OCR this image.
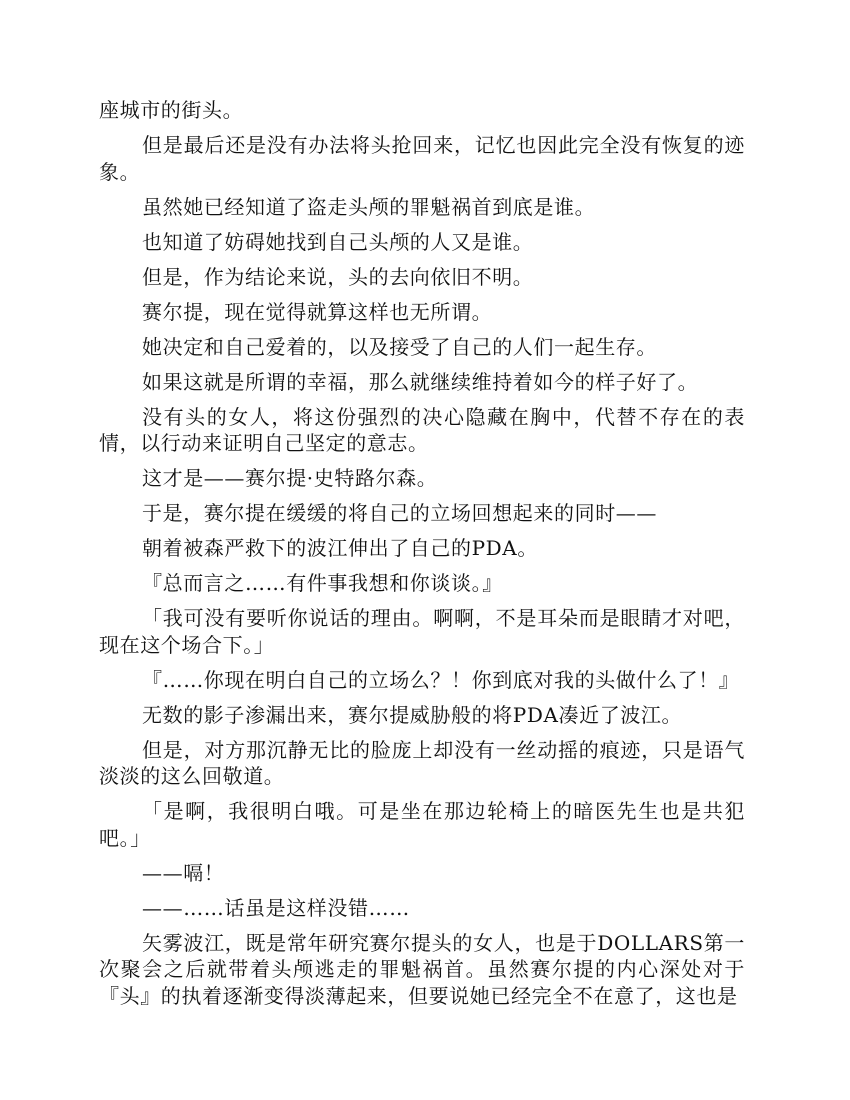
座城市的街头。

但是最后还是没有办法将头抢回来，记忆也因此完全没有恢复的迹象。

虽然她已经知道了盗走头颅的罪魁祸首到底是谁。

也知道了妨碍她找到自己头颅的人又是谁。

但是，作为结论来说，头的去向依旧不明。

赛尔提，现在觉得就算这样也无所谓。

她决定和自己爱着的，以及接受了自己的人们一起生存。

如果这就是所谓的幸福，那么就继续维持着如今的样子好了。

没有头的女人，将这份强烈的决心隐藏在胸中，代替不存在的表情，以行动来证明自己坚定的意志。

这才是——赛尔提·史特路尔森。

于是，赛尔提在缓缓的将自己的立场回想起来的同时——

朝着被森严救下的波江伸出了自己的PDA。

『总而言之……有件事我想和你谈谈。』

「我可没有要听你说话的理由。啊啊，不是耳朵而是眼睛才对吧，现在这个场合下。」

『……你现在明白自己的立场么？！你到底对我的头做什么了！』

无数的影子渗漏出来，赛尔提威胁般的将PDA凑近了波江。

但是，对方那沉静无比的脸庞上却没有一丝动摇的痕迹，只是语气淡淡的这么回敬道。

「是啊，我很明白哦。可是坐在那边轮椅上的暗医先生也是共犯吧。」

——嗝！

——……话虽是这样没错……

矢雾波江，既是常年研究赛尔提头的女人，也是于DOLLARS第一次聚会之后就带着头颅逃走的罪魁祸首。虽然赛尔提的内心深处对于『头』的执着逐渐变得淡薄起来，但要说她已经完全不在意了，这也是
